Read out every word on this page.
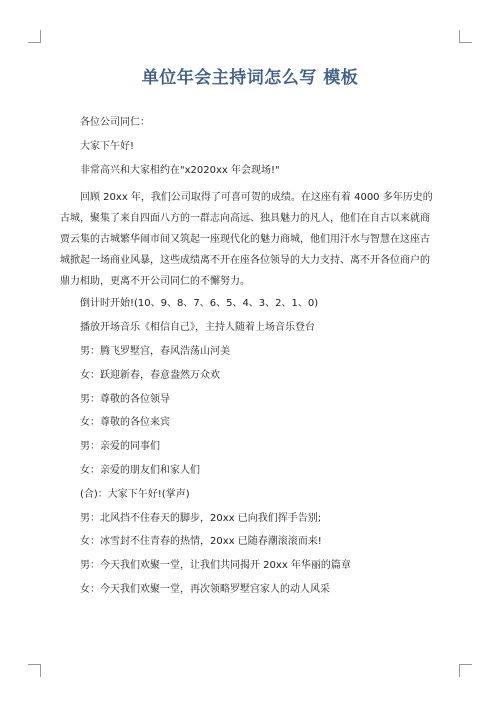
单位年会主持词怎么写 模板

各位公司同仁：

大家下午好!

非常高兴和大家相约在"x2020xx 年会现场!"

回顾 20xx 年，我们公司取得了可喜可贺的成绩。在这座有着 4000 多年历史的
古城，聚集了来自四面八方的一群志向高远、独具魅力的凡人，他们在自古以来就商
贾云集的古城繁华闹市间又筑起一座现代化的魅力商城，他们用汗水与智慧在这座古
城掀起一场商业风暴，这些成绩离不开在座各位领导的大力支持、离不开各位商户的
鼎力相助，更离不开公司同仁的不懈努力。

倒计时开始!(10、9、8、7、6、5、4、3、2、1、0)

播放开场音乐《相信自己》，主持人随着上场音乐登台

男：腾飞罗墅宫，春风浩荡山河美

女：跃迎新春，春意盎然万众欢

男：尊敬的各位领导

女：尊敬的各位来宾

男：亲爱的同事们

女：亲爱的朋友们和家人们

(合)：大家下午好!(掌声)

男：北风挡不住春天的脚步，20xx 已向我们挥手告别;

女：冰雪封不住青春的热情，20xx 已随春潮滚滚而来!

男：今天我们欢聚一堂，让我们共同揭开 20xx 年华丽的篇章

女：今天我们欢聚一堂，再次领略罗墅宫家人的动人风采
